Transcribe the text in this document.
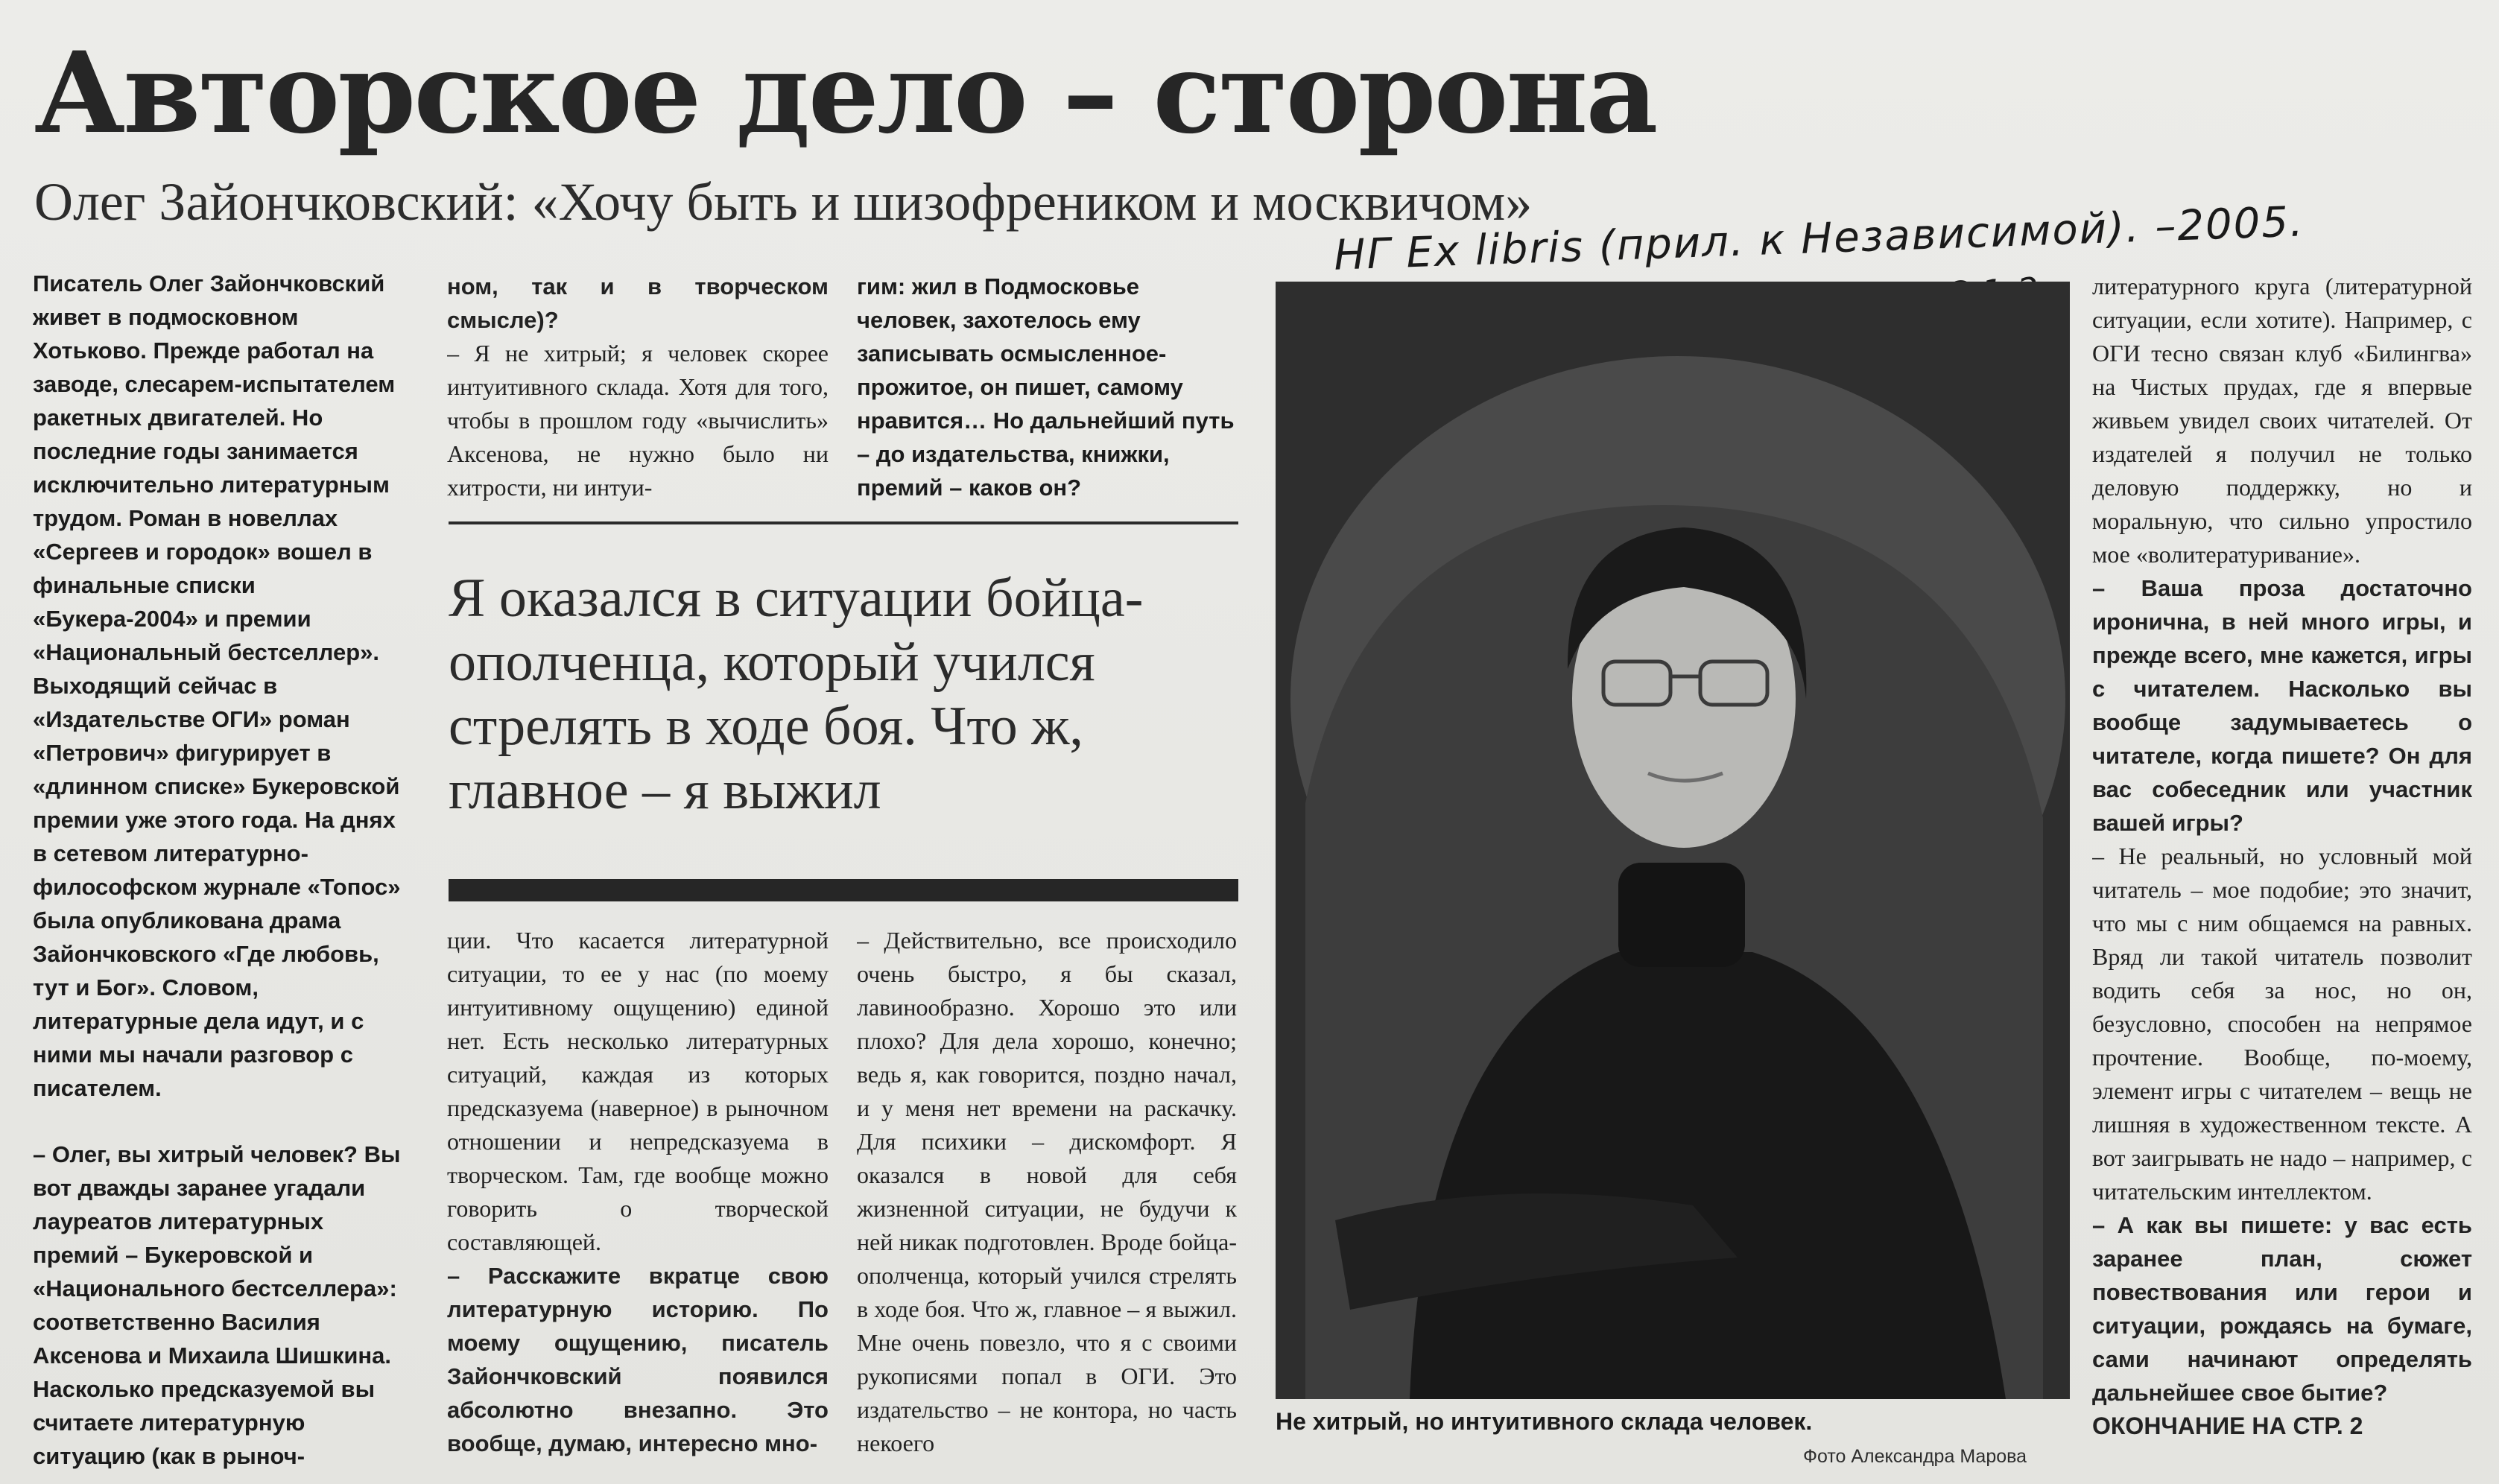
Авторское дело – сторона
Олег Зайончковский: «Хочу быть и шизофреником и москвичом»
НГ Ex libris (прил. к Независимой). –2005.

Писатель Олег Зайончковский живет в подмосковном Хотьково. Прежде работал на заводе, слесарем-испытателем ракетных двигателей. Но последние годы занимается исключительно литературным трудом. Роман в новеллах «Сергеев и городок» вошел в финальные списки «Букера-2004» и премии «Национальный бестселлер». Выходящий сейчас в «Издательстве ОГИ» роман «Петрович» фигурирует в «длинном списке» Букеровской премии уже этого года. На днях в сетевом литературно-философском журнале «Топос» была опубликована драма Зайончковского «Где любовь, тут и Бог». Словом, литературные дела идут, и с ними мы начали разговор с писателем.

– Олег, вы хитрый человек? Вы вот дважды заранее угадали лауреатов литературных премий – Букеровской и «Национального бестселлера»: соответственно Василия Аксенова и Михаила Шишкина. Насколько предсказуемой вы считаете литературную ситуацию (как в рыноч-

ном, так и в творческом смысле)?

– Я не хитрый; я человек скорее интуитивного склада. Хотя для того, чтобы в прошлом году «вычислить» Аксенова, не нужно было ни хитрости, ни интуи-

гим: жил в Подмосковье человек, захотелось ему записывать осмысленное-прожитое, он пишет, самому нравится… Но дальнейший путь – до издательства, книжки, премий – каков он?

Я оказался в ситуации бойца-ополченца, который учился стрелять в ходе боя. Что ж, главное – я выжил

ции. Что касается литературной ситуации, то ее у нас (по моему интуитивному ощущению) единой нет. Есть несколько литературных ситуаций, каждая из которых предсказуема (наверное) в рыночном отношении и непредсказуема в творческом. Там, где вообще можно говорить о творческой составляющей.

– Расскажите вкратце свою литературную историю. По моему ощущению, писатель Зайончковский появился абсолютно внезапно. Это вообще, думаю, интересно мно-

– Действительно, все происходило очень быстро, я бы сказал, лавинообразно. Хорошо это или плохо? Для дела хорошо, конечно; ведь я, как говорится, поздно начал, и у меня нет времени на раскачку. Для психики – дискомфорт. Я оказался в новой для себя жизненной ситуации, не будучи к ней никак подготовлен. Вроде бойца-ополченца, который учился стрелять в ходе боя. Что ж, главное – я выжил. Мне очень повезло, что я с своими рукописями попал в ОГИ. Это издательство – не контора, но часть некоего

Не хитрый, но интуитивного склада человек.

Фото Александра Марова

литературного круга (литературной ситуации, если хотите). Например, с ОГИ тесно связан клуб «Билингва» на Чистых прудах, где я впервые живьем увидел своих читателей. От издателей я получил не только деловую поддержку, но и моральную, что сильно упростило мое «волитературивание».

– Ваша проза достаточно иронична, в ней много игры, и прежде всего, мне кажется, игры с читателем. Насколько вы вообще задумываетесь о читателе, когда пишете? Он для вас собеседник или участник вашей игры?

– Не реальный, но условный мой читатель – мое подобие; это значит, что мы с ним общаемся на равных. Вряд ли такой читатель позволит водить себя за нос, но он, безусловно, способен на непрямое прочтение. Вообще, по-моему, элемент игры с читателем – вещь не лишняя в художественном тексте. А вот заигрывать не надо – например, с читательским интеллектом.

– А как вы пишете: у вас есть заранее план, сюжет повествования или герои и ситуации, рождаясь на бумаге, сами начинают определять дальнейшее свое бытие?

ОКОНЧАНИЕ НА СТР. 2
